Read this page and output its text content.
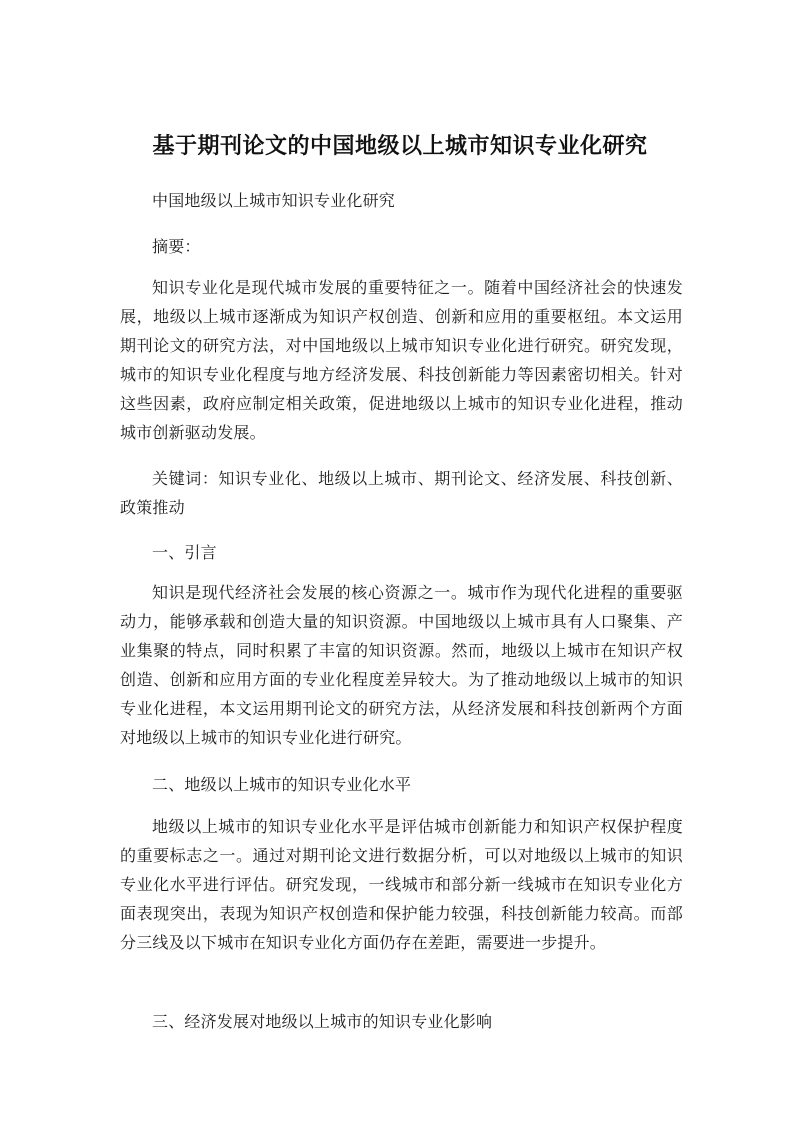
基于期刊论文的中国地级以上城市知识专业化研究

中国地级以上城市知识专业化研究

摘要：

知识专业化是现代城市发展的重要特征之一。随着中国经济社会的快速发展，地级以上城市逐渐成为知识产权创造、创新和应用的重要枢纽。本文运用期刊论文的研究方法，对中国地级以上城市知识专业化进行研究。研究发现，城市的知识专业化程度与地方经济发展、科技创新能力等因素密切相关。针对这些因素，政府应制定相关政策，促进地级以上城市的知识专业化进程，推动城市创新驱动发展。

关键词：知识专业化、地级以上城市、期刊论文、经济发展、科技创新、政策推动

一、引言

知识是现代经济社会发展的核心资源之一。城市作为现代化进程的重要驱动力，能够承载和创造大量的知识资源。中国地级以上城市具有人口聚集、产业集聚的特点，同时积累了丰富的知识资源。然而，地级以上城市在知识产权创造、创新和应用方面的专业化程度差异较大。为了推动地级以上城市的知识专业化进程，本文运用期刊论文的研究方法，从经济发展和科技创新两个方面对地级以上城市的知识专业化进行研究。

二、地级以上城市的知识专业化水平

地级以上城市的知识专业化水平是评估城市创新能力和知识产权保护程度的重要标志之一。通过对期刊论文进行数据分析，可以对地级以上城市的知识专业化水平进行评估。研究发现，一线城市和部分新一线城市在知识专业化方面表现突出，表现为知识产权创造和保护能力较强，科技创新能力较高。而部分三线及以下城市在知识专业化方面仍存在差距，需要进一步提升。

三、经济发展对地级以上城市的知识专业化影响
